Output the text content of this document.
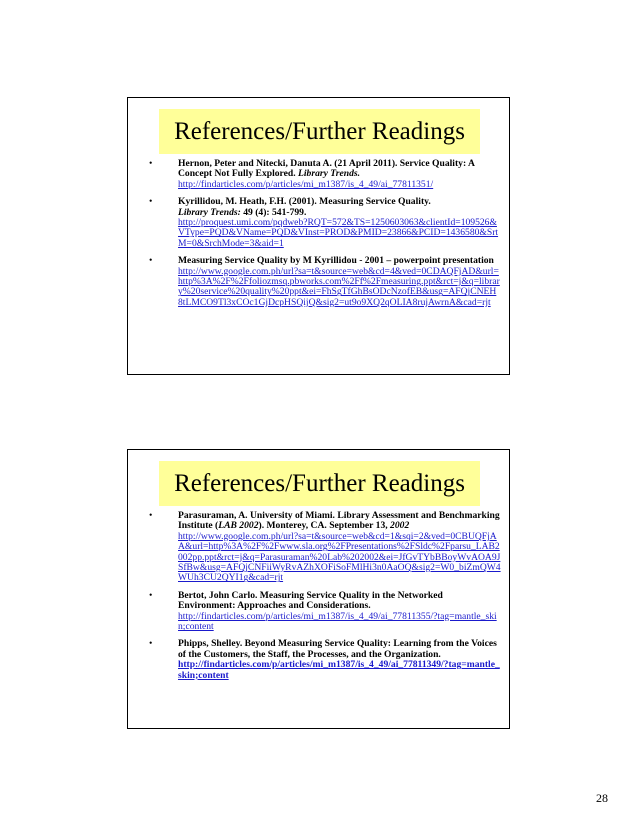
References/Further Readings
•	Hernon, Peter and Nitecki, Danuta A. (21 April 2011). Service Quality: A Concept Not Fully Explored. Library Trends.
http://findarticles.com/p/articles/mi_m1387/is_4_49/ai_77811351/
•	Kyrillidou, M. Heath, F.H. (2001). Measuring Service Quality.
Library Trends: 49 (4): 541-799.
http://proquest.umi.com/pqdweb?RQT=572&TS=1250603063&clientId=109526&VType=PQD&VName=PQD&VInst=PROD&PMID=23866&PCID=1436580&SrtM=0&SrchMode=3&aid=1
•	Measuring Service Quality by M Kyrillidou - 2001 – powerpoint presentation
http://www.google.com.ph/url?sa=t&source=web&cd=4&ved=0CDAQFjAD&url=http%3A%2F%2Ffoliozmsq.pbworks.com%2Ff%2Fmeasuring.ppt&rct=j&q=library%20service%20quality%20ppt&ei=FhSgTfGhBsODcNzofEB&usg=AFQjCNEH8tLMCO9Tl3xCOc1GjDcpHSQijQ&sig2=ut9o9XQ2qOLIA8rujAwrnA&cad=rjt
References/Further Readings
•	Parasuraman, A. University of Miami. Library Assessment and Benchmarking Institute (LAB 2002). Monterey, CA. September 13, 2002
http://www.google.com.ph/url?sa=t&source=web&cd=1&sqi=2&ved=0CBUQFjAA&url=http%3A%2F%2Fwww.sla.org%2FPresentations%2FSldc%2Fparsu_LAB2002pp.ppt&rct=j&q=Parasuraman%20Lab%202002&ei=JfGvTYbBBoyWvAOA9JSfBw&usg=AFQjCNFiiWyRvAZhXOFiSoFMlHi3n0AaOQ&sig2=W0_biZmQW4WUh3CU2QYI1g&cad=rjt
•	Bertot, John Carlo. Measuring Service Quality in the Networked Environment: Approaches and Considerations.
http://findarticles.com/p/articles/mi_m1387/is_4_49/ai_77811355/?tag=mantle_skin;content
•	Phipps, Shelley. Beyond Measuring Service Quality: Learning from the Voices of the Customers, the Staff, the Processes, and the Organization.
http://findarticles.com/p/articles/mi_m1387/is_4_49/ai_77811349/?tag=mantle_skin;content
28
